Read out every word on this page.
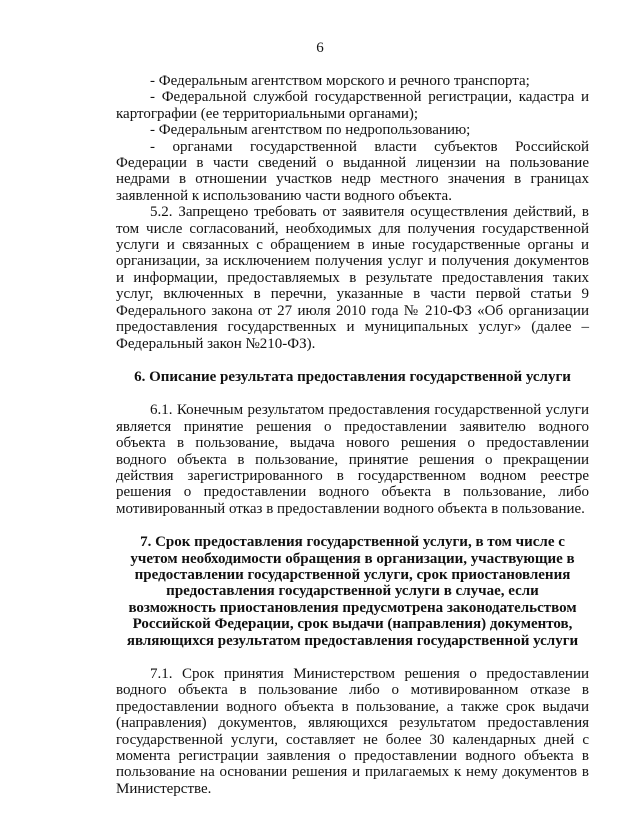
6

- Федеральным агентством морского и речного транспорта;

- Федеральной службой государственной регистрации, кадастра и картографии (ее территориальными органами);

- Федеральным агентством по недропользованию;

- органами государственной власти субъектов Российской Федерации в части сведений о выданной лицензии на пользование недрами в отношении участков недр местного значения в границах заявленной к использованию части водного объекта.

5.2. Запрещено требовать от заявителя осуществления действий, в том числе согласований, необходимых для получения государственной услуги и связанных с обращением в иные государственные органы и организации, за исключением получения услуг и получения документов и информации, предоставляемых в результате предоставления таких услуг, включенных в перечни, указанные в части первой статьи 9 Федерального закона от 27 июля 2010 года № 210-ФЗ «Об организации предоставления государственных и муниципальных услуг» (далее – Федеральный закон №210-ФЗ).

6. Описание результата предоставления государственной услуги

6.1. Конечным результатом предоставления государственной услуги является принятие решения о предоставлении заявителю водного объекта в пользование, выдача нового решения о предоставлении водного объекта в пользование, принятие решения о прекращении действия зарегистрированного в государственном водном реестре решения о предоставлении водного объекта в пользование, либо мотивированный отказ в предоставлении водного объекта в пользование.

7. Срок предоставления государственной услуги, в том числе с учетом необходимости обращения в организации, участвующие в предоставлении государственной услуги, срок приостановления предоставления государственной услуги в случае, если возможность приостановления предусмотрена законодательством Российской Федерации, срок выдачи (направления) документов, являющихся результатом предоставления государственной услуги

7.1. Срок принятия Министерством решения о предоставлении водного объекта в пользование либо о мотивированном отказе в предоставлении водного объекта в пользование, а также срок выдачи (направления) документов, являющихся результатом предоставления государственной услуги, составляет не более 30 календарных дней с момента регистрации заявления о предоставлении водного объекта в пользование на основании решения и прилагаемых к нему документов в Министерстве.
